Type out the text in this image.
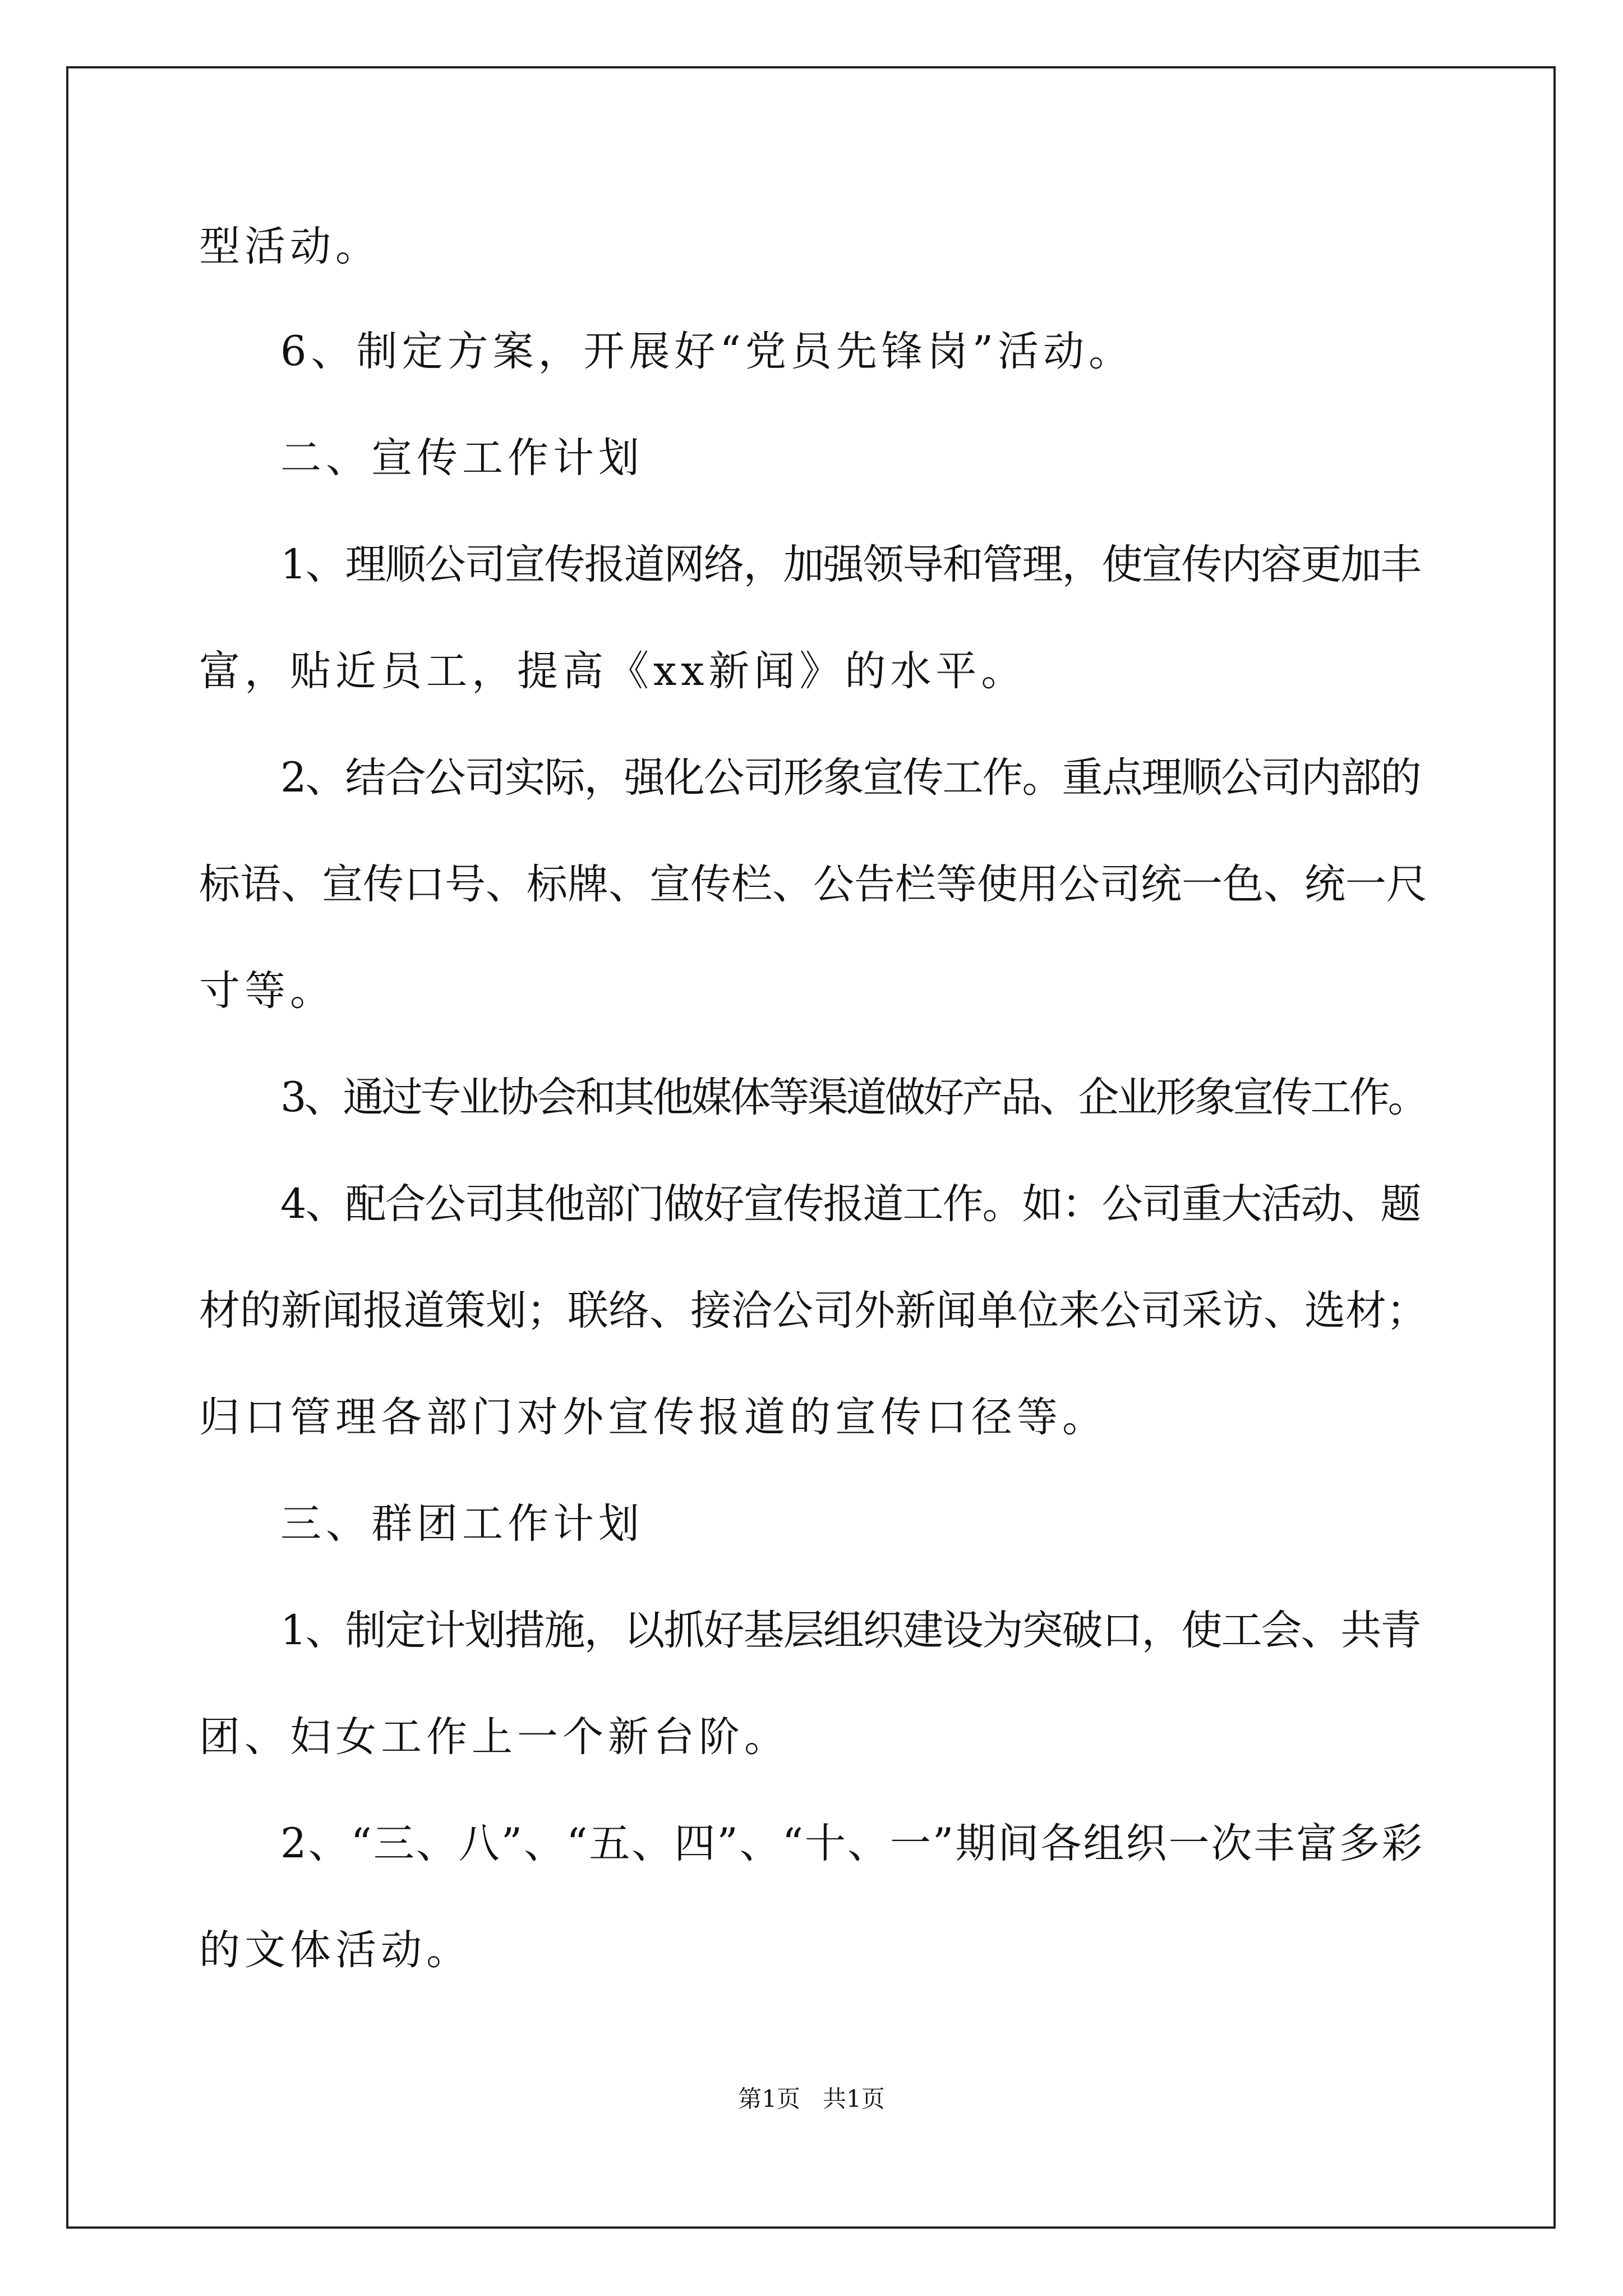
型活动。
6、制定方案，开展好“党员先锋岗”活动。
二、宣传工作计划
1、理顺公司宣传报道网络，加强领导和管理，使宣传内容更加丰
富，贴近员工，提高《xx新闻》的水平。
2、结合公司实际，强化公司形象宣传工作。重点理顺公司内部的
标语、宣传口号、标牌、宣传栏、公告栏等使用公司统一色、统一尺
寸等。
3、通过专业协会和其他媒体等渠道做好产品、企业形象宣传工作。
4、配合公司其他部门做好宣传报道工作。如：公司重大活动、题
材的新闻报道策划；联络、接洽公司外新闻单位来公司采访、选材；
归口管理各部门对外宣传报道的宣传口径等。
三、群团工作计划
1、制定计划措施，以抓好基层组织建设为突破口，使工会、共青
团、妇女工作上一个新台阶。
2、“三、八”、“五、四”、“十、一”期间各组织一次丰富多彩
的文体活动。
第1页   共1页
